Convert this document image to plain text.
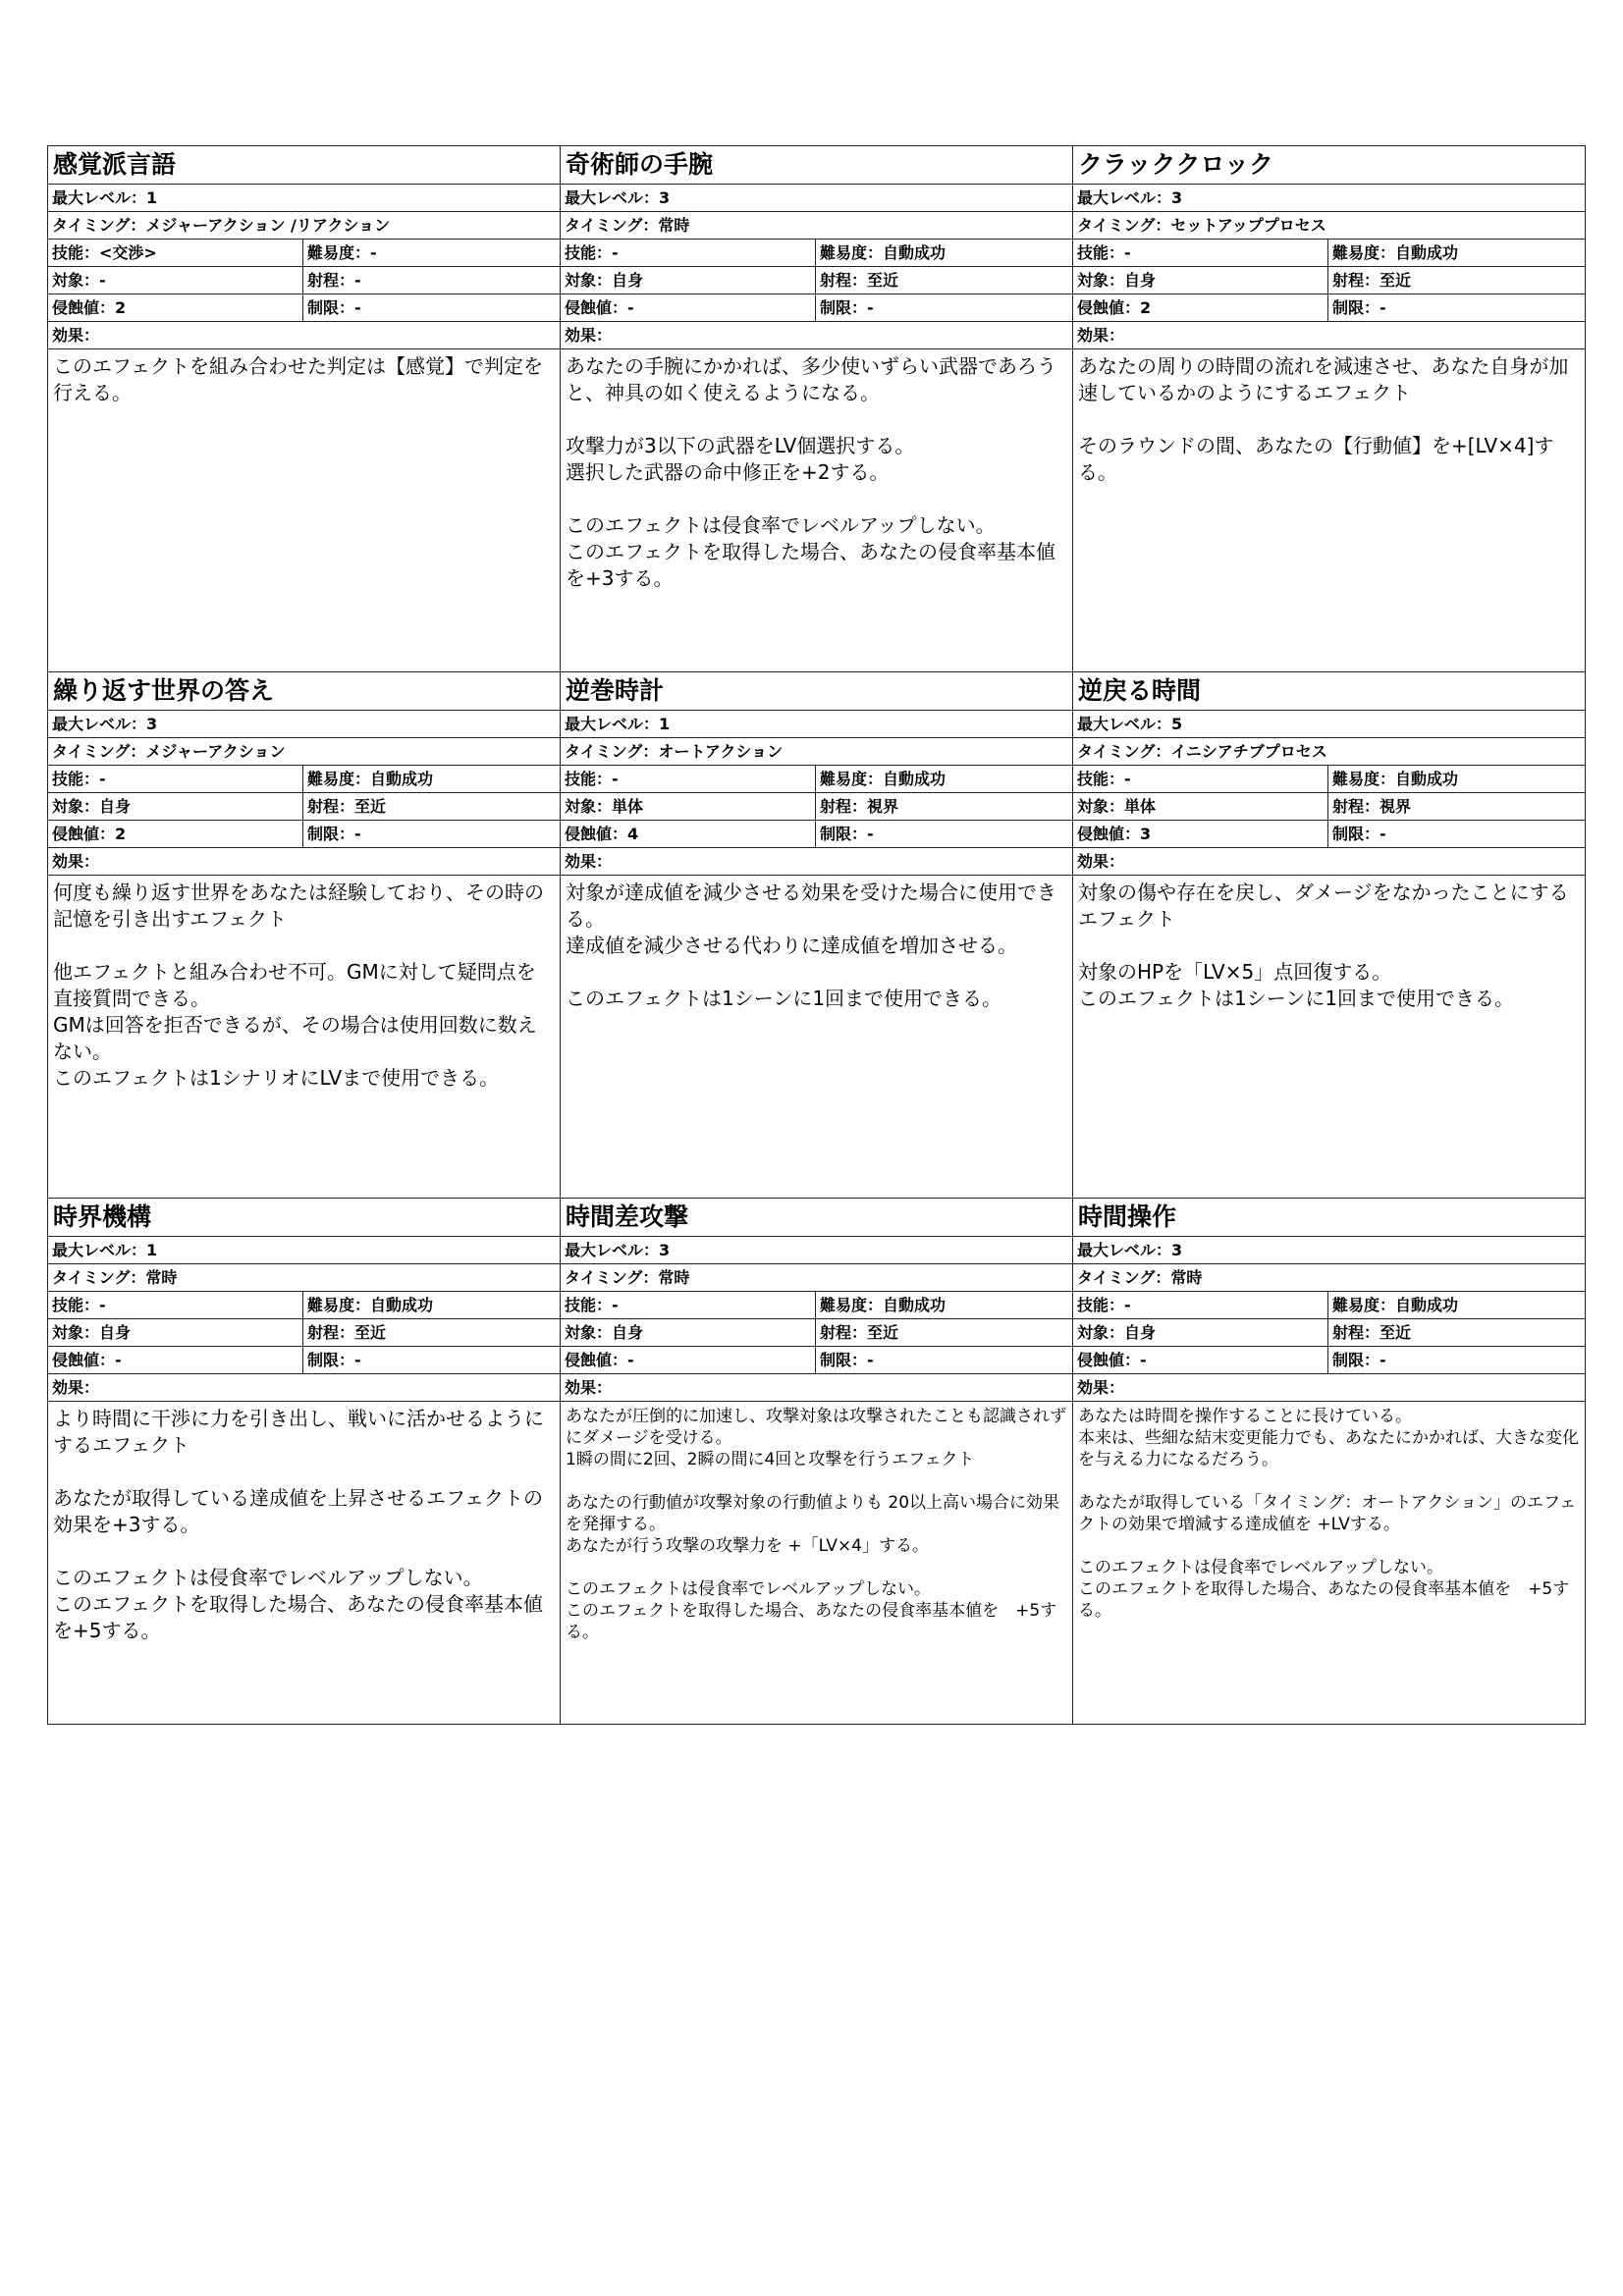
感覚派言語
最大レベル：1
タイミング：メジャーアクション /リアクション
技能：<交渉>	難易度：-
対象：-	射程：-
侵蝕値：2	制限：-
効果：
このエフェクトを組み合わせた判定は【感覚】で判定を行える。
奇術師の手腕
最大レベル：3
タイミング：常時
技能：-	難易度：自動成功
対象：自身	射程：至近
侵蝕値：-	制限：-
効果：
あなたの手腕にかかれば、多少使いずらい武器であろうと、神具の如く使えるようになる。

攻撃力が3以下の武器をLV個選択する。
選択した武器の命中修正を+2する。

このエフェクトは侵食率でレベルアップしない。
このエフェクトを取得した場合、あなたの侵食率基本値を+3する。
クラッククロック
最大レベル：3
タイミング：セットアッププロセス
技能：-	難易度：自動成功
対象：自身	射程：至近
侵蝕値：2	制限：-
効果：
あなたの周りの時間の流れを減速させ、あなた自身が加速しているかのようにするエフェクト

そのラウンドの間、あなたの【行動値】を+[LV×4]する。
繰り返す世界の答え
最大レベル：3
タイミング：メジャーアクション
技能：-	難易度：自動成功
対象：自身	射程：至近
侵蝕値：2	制限：-
効果：
何度も繰り返す世界をあなたは経験しており、その時の記憶を引き出すエフェクト

他エフェクトと組み合わせ不可。GMに対して疑問点を直接質問できる。
GMは回答を拒否できるが、その場合は使用回数に数えない。
このエフェクトは1シナリオにLVまで使用できる。
逆巻時計
最大レベル：1
タイミング：オートアクション
技能：-	難易度：自動成功
対象：単体	射程：視界
侵蝕値：4	制限：-
効果：
対象が達成値を減少させる効果を受けた場合に使用できる。
達成値を減少させる代わりに達成値を増加させる。

このエフェクトは1シーンに1回まで使用できる。
逆戻る時間
最大レベル：5
タイミング：イニシアチブプロセス
技能：-	難易度：自動成功
対象：単体	射程：視界
侵蝕値：3	制限：-
効果：
対象の傷や存在を戻し、ダメージをなかったことにするエフェクト

対象のHPを「LV×5」点回復する。
このエフェクトは1シーンに1回まで使用できる。
時界機構
最大レベル：1
タイミング：常時
技能：-	難易度：自動成功
対象：自身	射程：至近
侵蝕値：-	制限：-
効果：
より時間に干渉に力を引き出し、戦いに活かせるようにするエフェクト

あなたが取得している達成値を上昇させるエフェクトの効果を+3する。

このエフェクトは侵食率でレベルアップしない。
このエフェクトを取得した場合、あなたの侵食率基本値を+5する。
時間差攻撃
最大レベル：3
タイミング：常時
技能：-	難易度：自動成功
対象：自身	射程：至近
侵蝕値：-	制限：-
効果：
あなたが圧倒的に加速し、攻撃対象は攻撃されたことも認識されずにダメージを受ける。
1瞬の間に2回、2瞬の間に4回と攻撃を行うエフェクト

あなたの行動値が攻撃対象の行動値よりも 20以上高い場合に効果を発揮する。
あなたが行う攻撃の攻撃力を +「LV×4」する。

このエフェクトは侵食率でレベルアップしない。
このエフェクトを取得した場合、あなたの侵食率基本値を　+5する。
時間操作
最大レベル：3
タイミング：常時
技能：-	難易度：自動成功
対象：自身	射程：至近
侵蝕値：-	制限：-
効果：
あなたは時間を操作することに長けている。
本来は、些細な結末変更能力でも、あなたにかかれば、大きな変化を与える力になるだろう。

あなたが取得している「タイミング：オートアクション」のエフェクトの効果で増減する達成値を +LVする。

このエフェクトは侵食率でレベルアップしない。
このエフェクトを取得した場合、あなたの侵食率基本値を　+5する。
